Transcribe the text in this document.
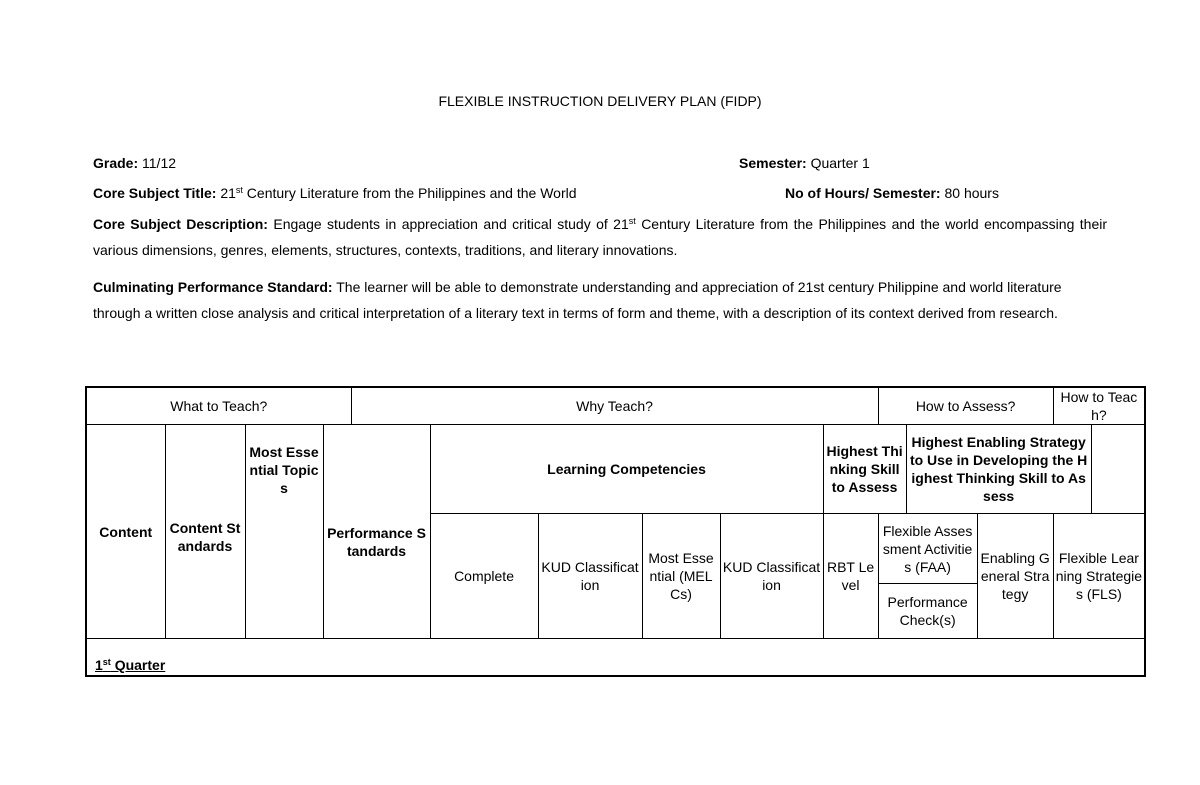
FLEXIBLE INSTRUCTION DELIVERY PLAN (FIDP)
Grade: 11/12	Semester: Quarter 1
Core Subject Title: 21st Century Literature from the Philippines and the World	No of Hours/ Semester: 80 hours
Core Subject Description: Engage students in appreciation and critical study of 21st Century Literature from the Philippines and the world encompassing their various dimensions, genres, elements, structures, contexts, traditions, and literary innovations.
Culminating Performance Standard: The learner will be able to demonstrate understanding and appreciation of 21st century Philippine and world literature through a written close analysis and critical interpretation of a literary text in terms of form and theme, with a description of its context derived from research.
What to Teach?				Why Teach?						How to Assess?			How to Teach?
Content	Content Standards	Most Essential Topics	Performance Standards		Learning Competencies				Highest Thinking Skill to Assess		Highest Enabling Strategy to Use in Developing the Highest Thinking Skill to Assess		
					Complete	KUD Classification	Most Essential (MELCs)	KUD Classification	RBT Level	Flexible Assessment Activities (FAA)		Enabling General Strategy	Flexible Learning Strategies (FLS)
										Performance Check(s)			
1st Quarter													
